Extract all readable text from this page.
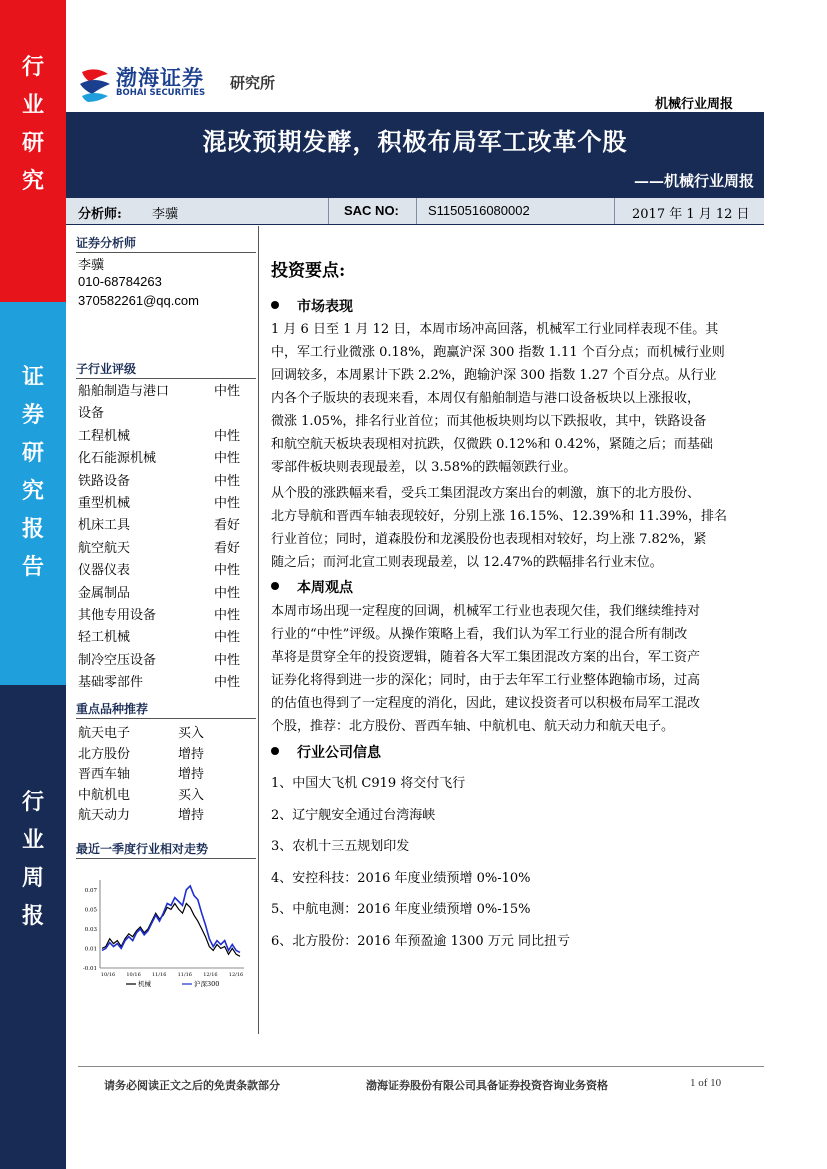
行
业
研
究
证
券
研
究
报
告
行
业
周
报
渤海证券
BOHAI SECURITIES
研究所
机械行业周报
混改预期发酵，积极布局军工改革个股
——机械行业周报
分析师: 李骥	SAC NO: S1150516080002	2017 年 1 月 12 日
证券分析师
李骥
010-68784263
370582261@qq.com
子行业评级
船舶制造与港口	中性
设备
工程机械	中性
化石能源机械	中性
铁路设备	中性
重型机械	中性
机床工具	看好
航空航天	看好
仪器仪表	中性
金属制品	中性
其他专用设备	中性
轻工机械	中性
制冷空压设备	中性
基础零部件	中性
重点品种推荐
航天电子	买入
北方股份	增持
晋西车轴	增持
中航机电	买入
航天动力	增持
最近一季度行业相对走势
0.07
0.05
0.03
0.01
-0.01
10/16 10/16 11/16 11/16 12/16 12/16
机械	沪深300
投资要点:
市场表现
1 月 6 日至 1 月 12 日，本周市场冲高回落，机械军工行业同样表现不佳。其
中，军工行业微涨 0.18%，跑赢沪深 300 指数 1.11 个百分点；而机械行业则
回调较多，本周累计下跌 2.2%，跑输沪深 300 指数 1.27 个百分点。从行业
内各个子版块的表现来看，本周仅有船舶制造与港口设备板块以上涨报收，
微涨 1.05%，排名行业首位；而其他板块则均以下跌报收，其中，铁路设备
和航空航天板块表现相对抗跌，仅微跌 0.12%和 0.42%，紧随之后；而基础
零部件板块则表现最差，以 3.58%的跌幅领跌行业。
从个股的涨跌幅来看，受兵工集团混改方案出台的刺激，旗下的北方股份、
北方导航和晋西车轴表现较好，分别上涨 16.15%、12.39%和 11.39%，排名
行业首位；同时，道森股份和龙溪股份也表现相对较好，均上涨 7.82%，紧
随之后；而河北宣工则表现最差，以 12.47%的跌幅排名行业末位。
本周观点
本周市场出现一定程度的回调，机械军工行业也表现欠佳，我们继续维持对
行业的“中性”评级。从操作策略上看，我们认为军工行业的混合所有制改
革将是贯穿全年的投资逻辑，随着各大军工集团混改方案的出台，军工资产
证券化将得到进一步的深化；同时，由于去年军工行业整体跑输市场，过高
的估值也得到了一定程度的消化，因此，建议投资者可以积极布局军工混改
个股，推荐：北方股份、晋西车轴、中航机电、航天动力和航天电子。
行业公司信息
1、中国大飞机 C919 将交付飞行
2、辽宁舰安全通过台湾海峡
3、农机十三五规划印发
4、安控科技：2016 年度业绩预增 0%-10%
5、中航电测：2016 年度业绩预增 0%-15%
6、北方股份：2016 年预盈逾 1300 万元 同比扭亏
请务必阅读正文之后的免责条款部分	渤海证券股份有限公司具备证券投资咨询业务资格	1 of 10
